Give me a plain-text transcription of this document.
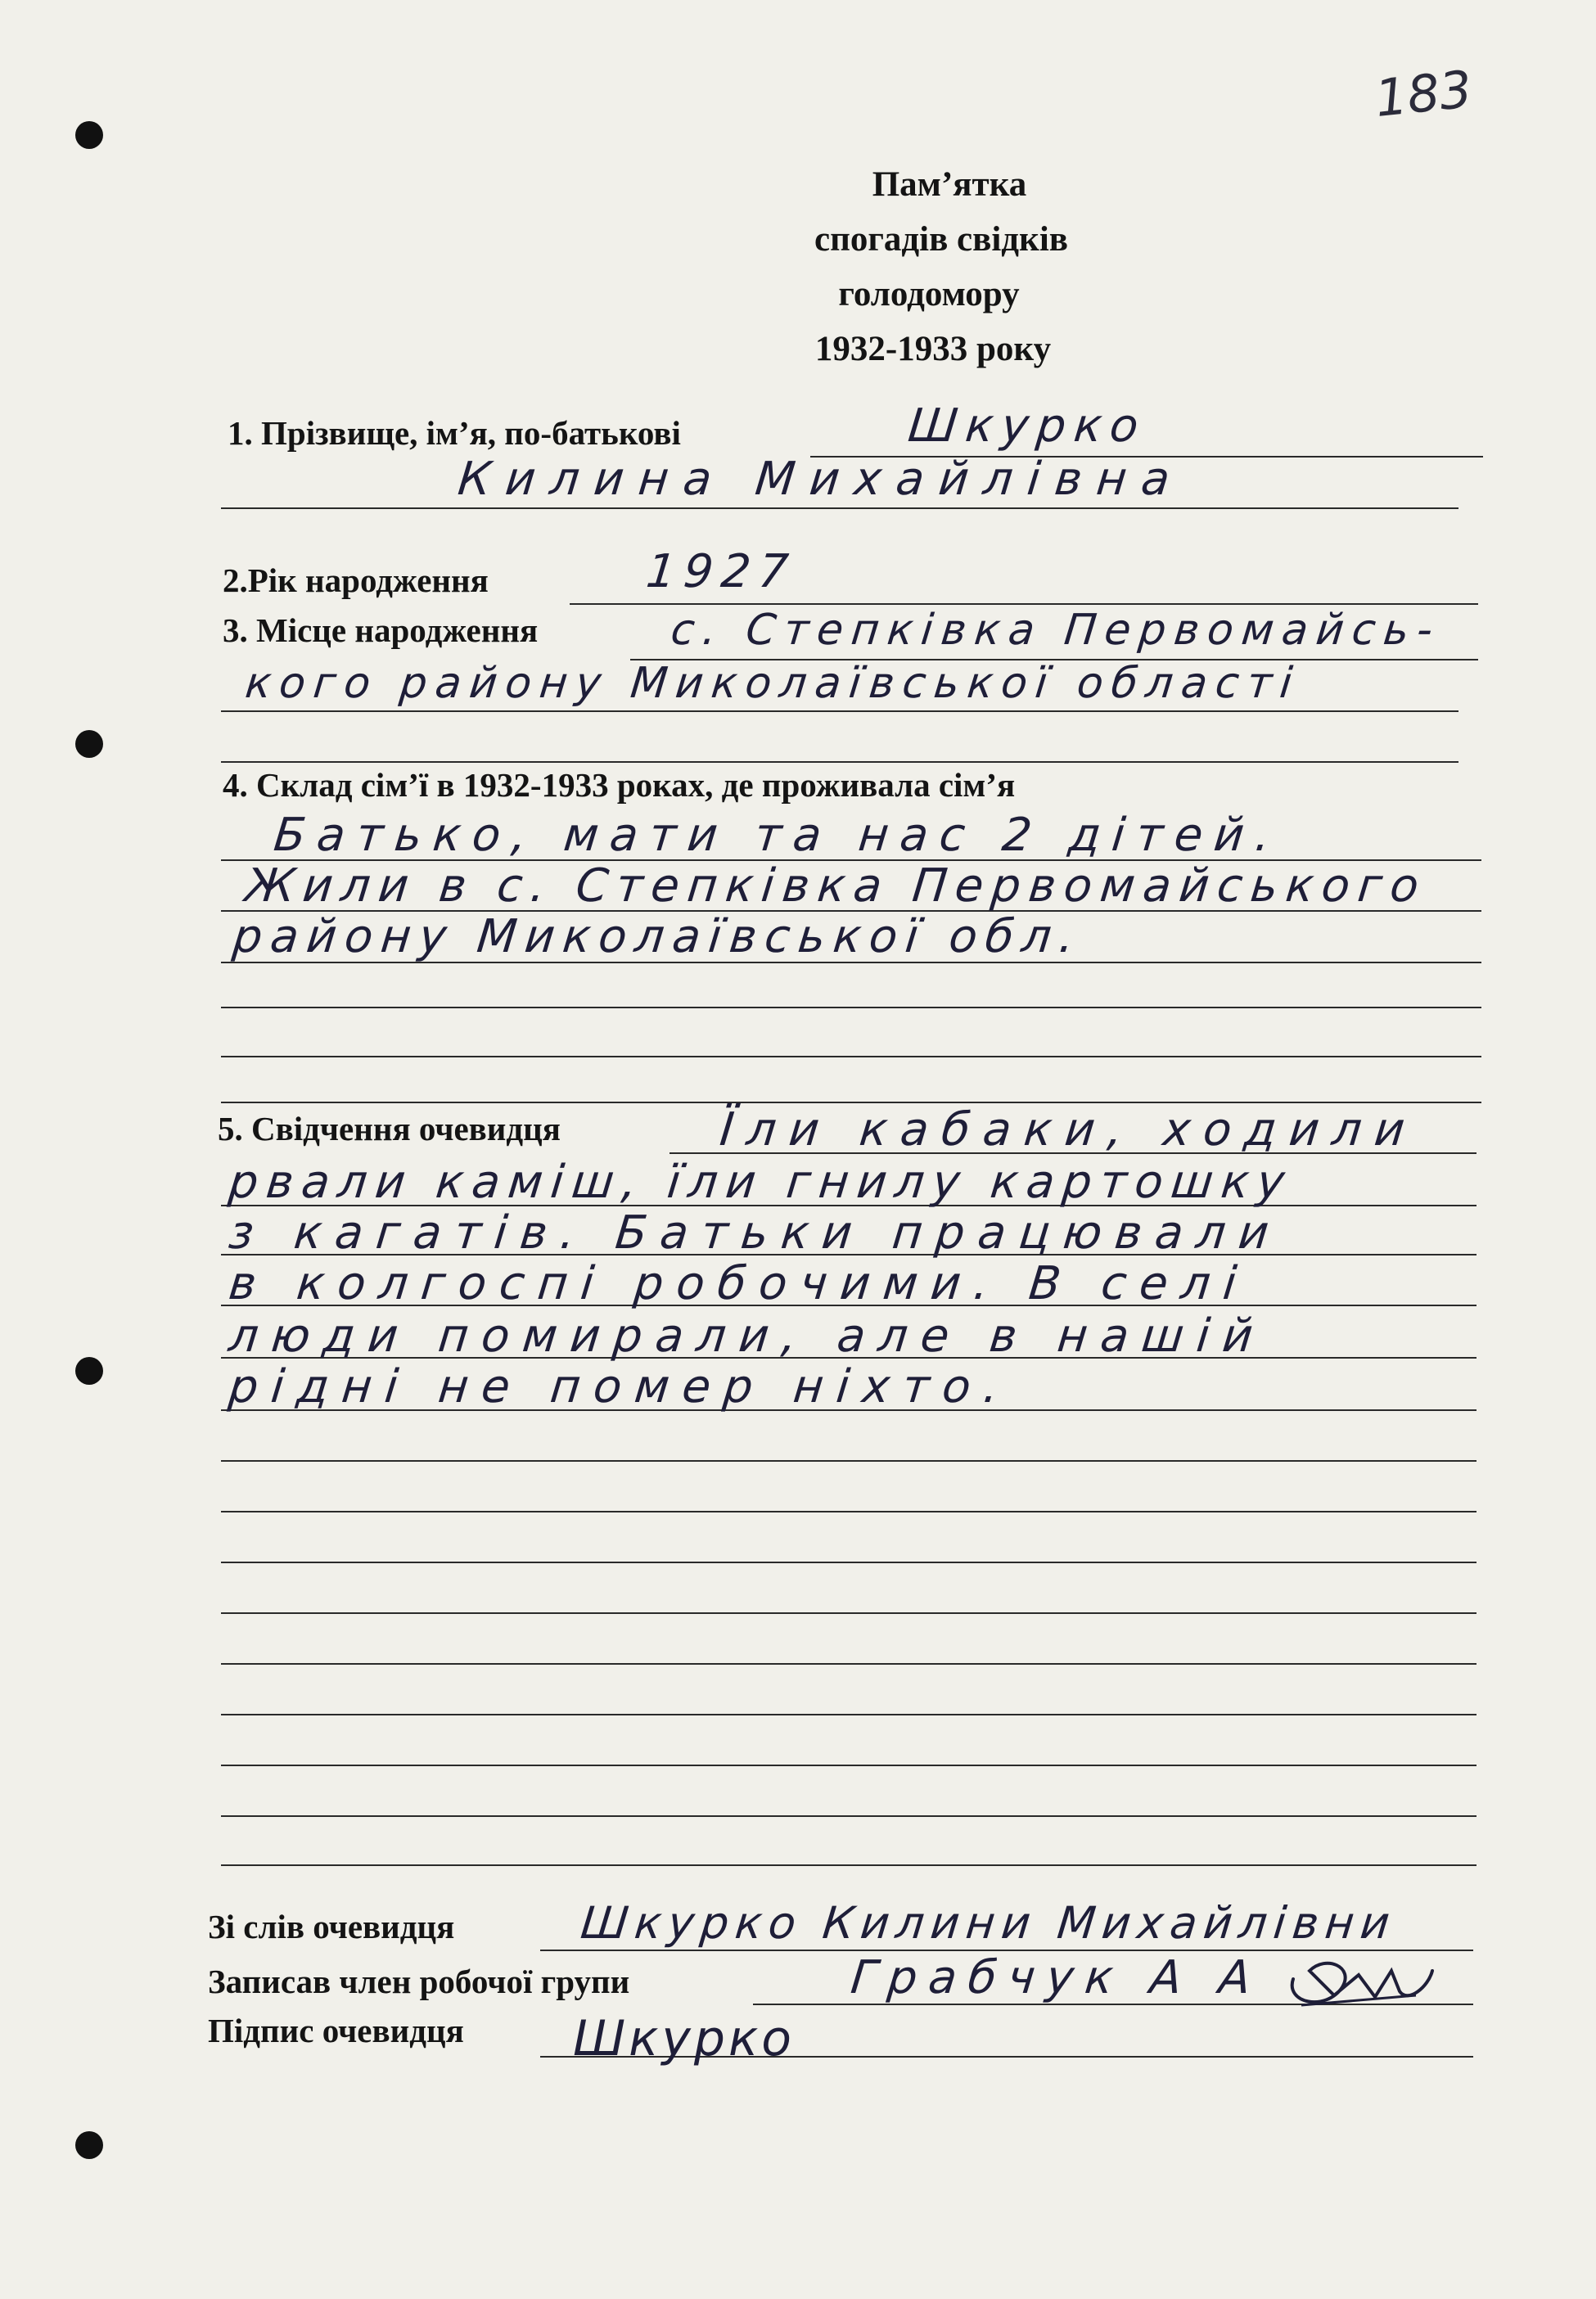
183
Пам’ятка
спогадів свідків
голодомору
1932-1933 року
1. Прізвище, ім’я, по-батькові	Шкурко
Килина Михайлівна
2.Рік народження	1927
3. Місце народження	с. Степківка Первомайсь-
кого району Миколаївської області
4. Склад сім’ї в 1932-1933 роках, де проживала сім’я
Батько, мати та нас 2 дітей.
Жили в с. Степківка Первомайського
району Миколаївської обл.
5. Свідчення очевидця	Їли кабаки, ходили
рвали каміш, їли гнилу картошку
з кагатів. Батьки працювали
в колгоспі робочими. В селі
люди помирали, але в нашій
рідні не помер ніхто.
Зі слів очевидця	Шкурко Килини Михайлівни
Записав член робочої групи	Грабчук А А
Підпис очевидця Шкурко
